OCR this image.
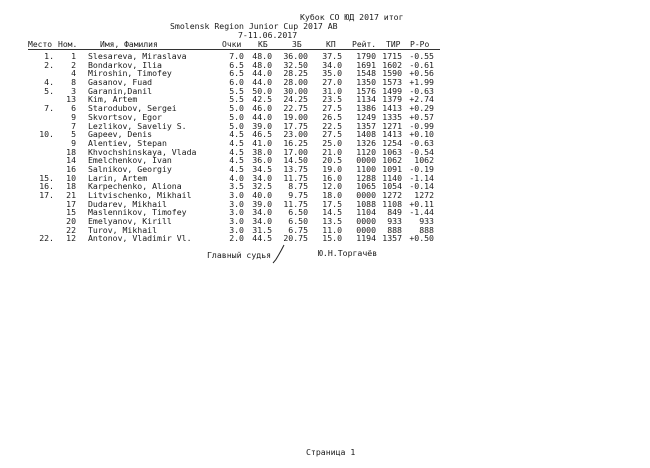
Кубок СО ЮД 2017 итог
Smolensk Region Junior Cup 2017 AB
7-11.06.2017
Место Ном.	Имя, Фамилия	Очки КБ	ЗБ	КП Рейт. ТИР Р-Ро
1.	1 Slesareva, Miraslava	7.0	48.0	36.00	37.5	1790 1715 -0.55
2.	2 Bondarkov, Ilia	6.5	48.0	32.50	34.0	1691 1602 -0.61
4 Miroshin, Timofey	6.5	44.0	28.25	35.0	1548 1590 +0.56
4.	8 Gasanov, Fuad	6.0	44.0	28.00	27.0	1350 1573 +1.99
5.	3 Garanin,Danil	5.5	50.0	30.00	31.0	1576 1499 -0.63
13 Kim, Artem	5.5	42.5	24.25	23.5	1134 1379 +2.74
7.	6 Starodubov, Sergei	5.0	46.0	22.75	27.5	1386 1413 +0.29
9 Skvortsov, Egor	5.0	44.0	19.00	26.5	1249 1335 +0.57
7 Lezlikov, Saveliy S.	5.0	39.0	17.75	22.5	1357 1271 -0.99
10.	5 Gapeev, Denis	4.5	46.5	23.00	27.5	1408 1413 +0.10
9 Alentiev, Stepan	4.5	41.0	16.25	25.0	1326 1254 -0.63
18 Khvochshinskaya, Vlada	4.5	38.0	17.00	21.0	1120 1063 -0.54
14 Emelchenkov, Ivan	4.5	36.0	14.50	20.5	0000 1062	1062
16 Salnikov, Georgiy	4.5	34.5	13.75	19.0	1100 1091 -0.19
15.	10 Larin, Artem	4.0	34.0	11.75	16.0	1288 1140 -1.14
16.	18 Karpechenko, Aliona	3.5	32.5	8.75	12.0	1065 1054 -0.14
17.	21 Litvischenko, Mikhail	3.0	40.0	9.75	18.0	0000 1272	1272
17 Dudarev, Mikhail	3.0	39.0	11.75	17.5	1088 1108 +0.11
15 Maslennikov, Timofey	3.0	34.0	6.50	14.5	1104	849 -1.44
20 Emelyanov, Kirill	3.0	34.0	6.50	13.5	0000	933	933
22 Turov, Mikhail	3.0	31.5	6.75	11.0	0000	888	888
22.	12 Antonov, Vladimir Vl.	2.0	44.5	20.75	15.0	1194 1357 +0.50
Главный судья	Ю.Н.Торгачёв
Страница 1
